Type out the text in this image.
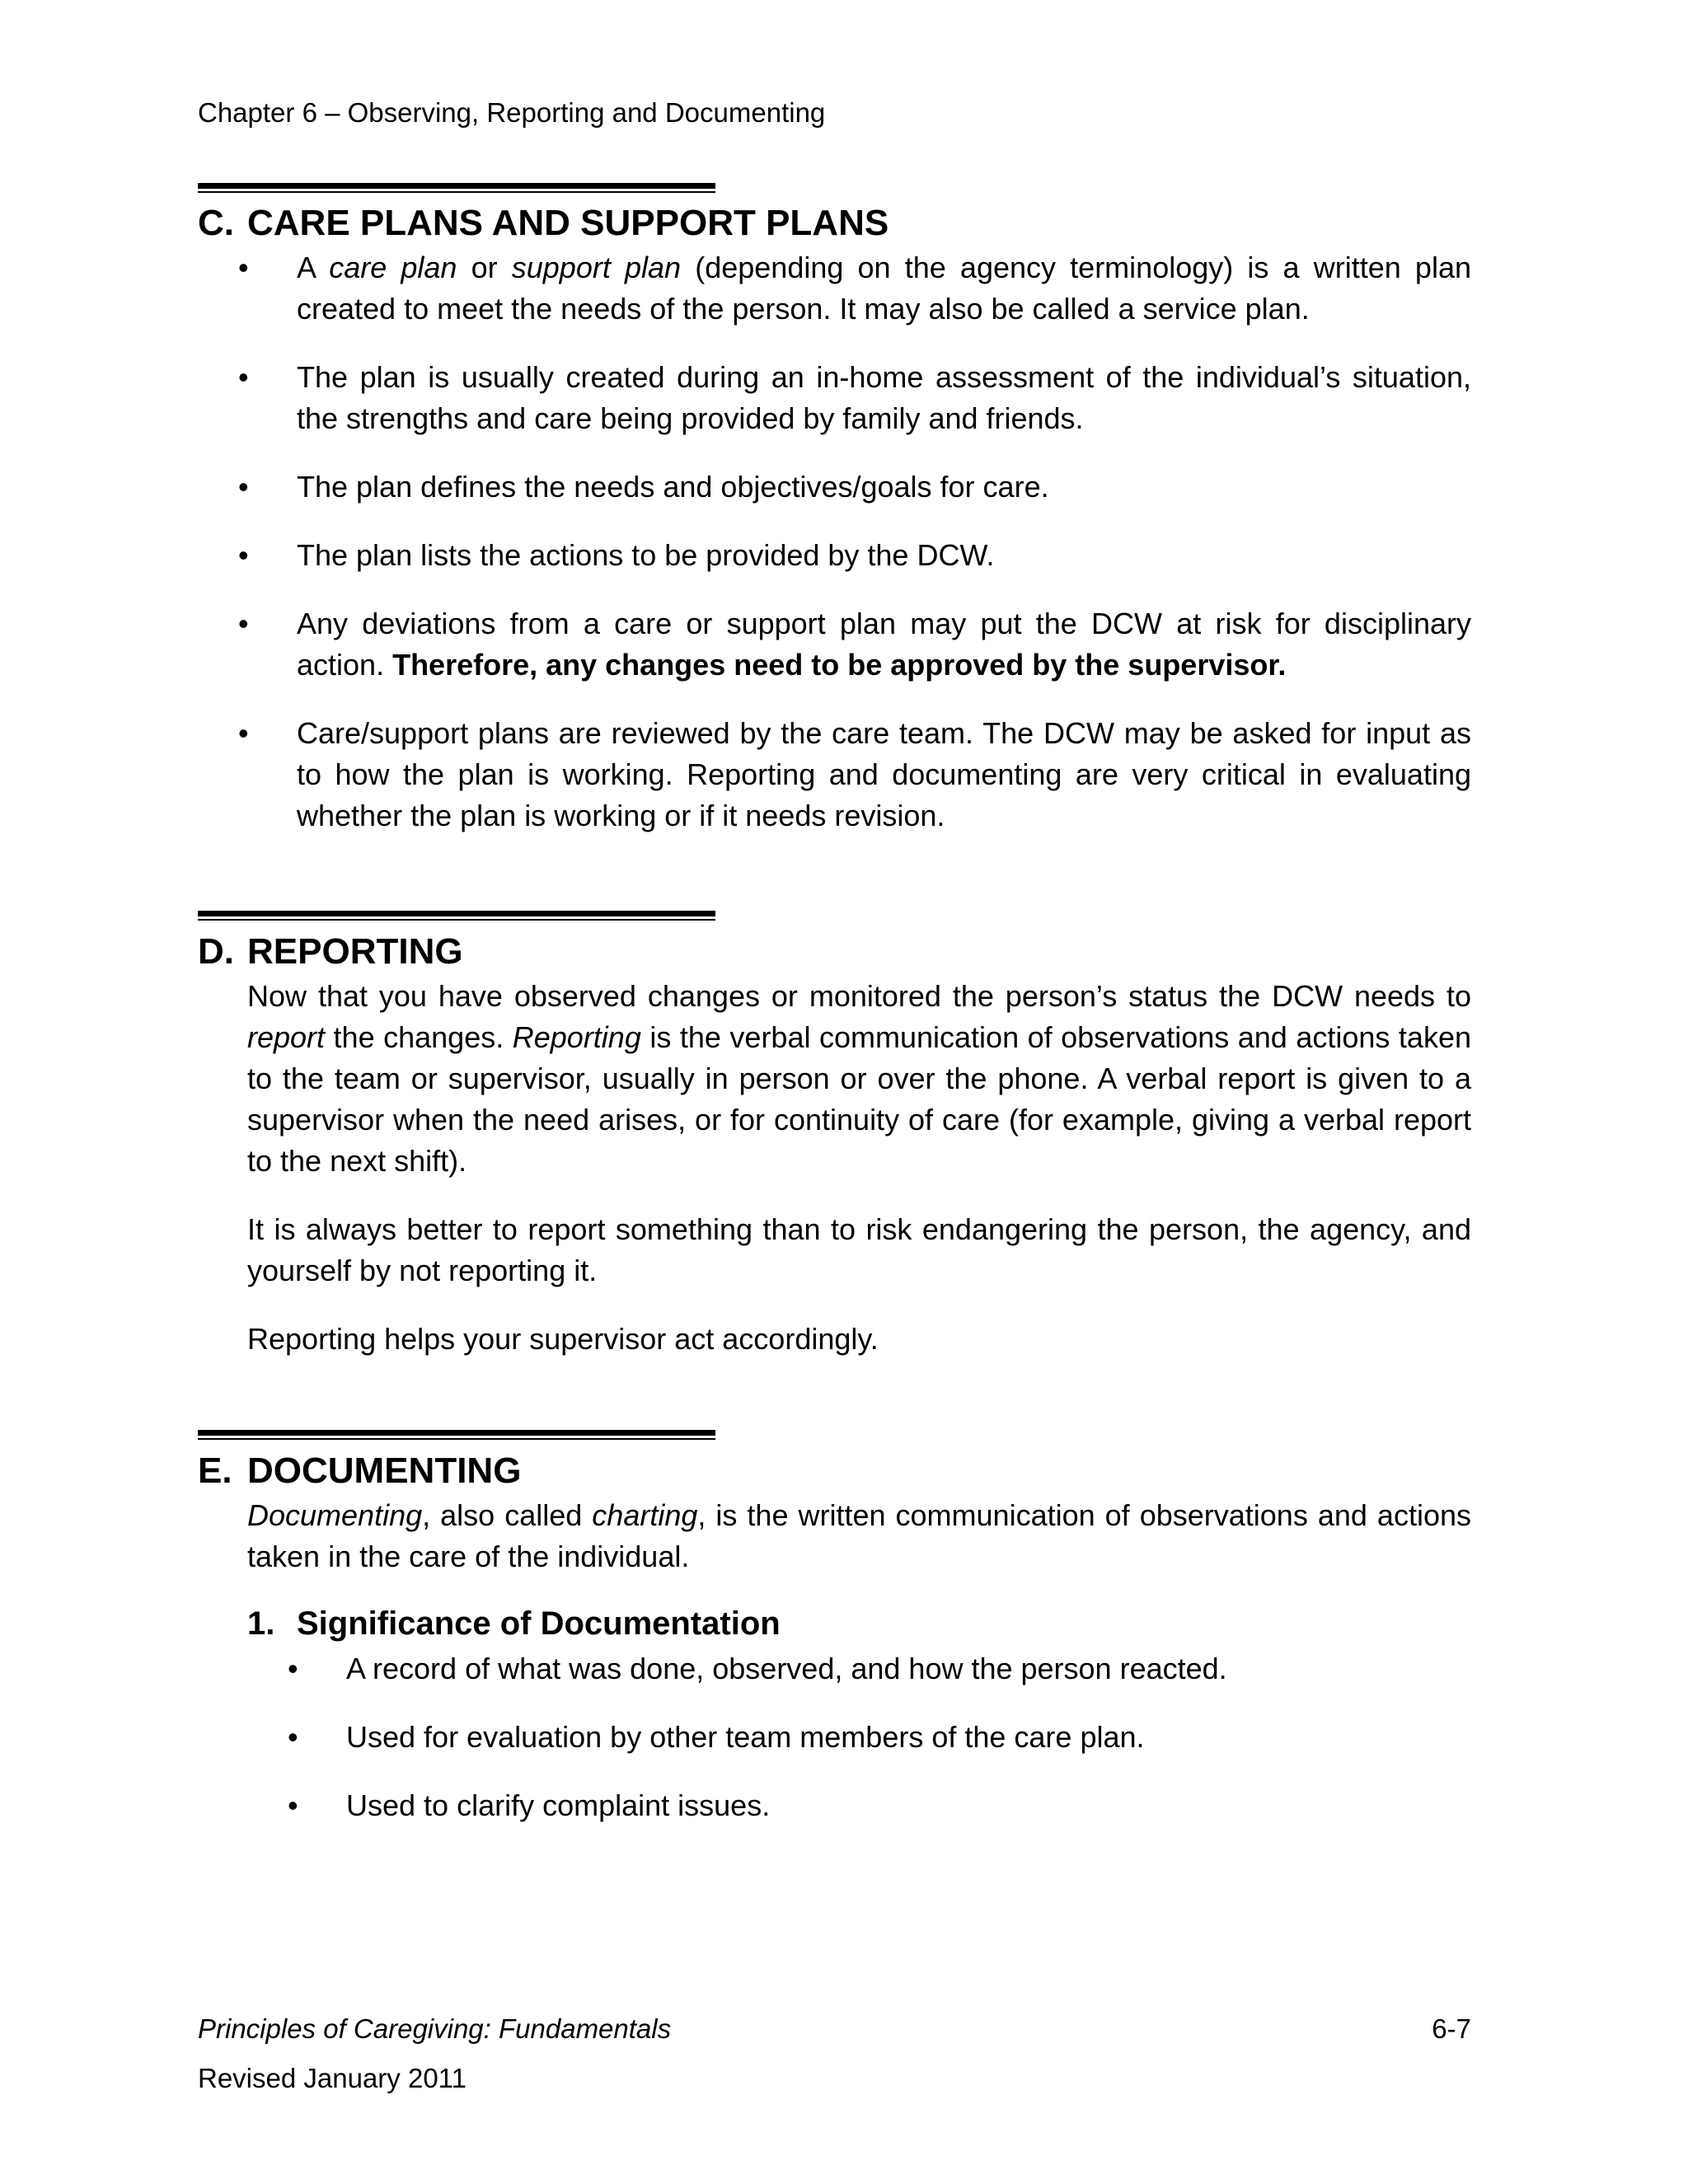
Chapter 6 – Observing, Reporting and Documenting
C. CARE PLANS AND SUPPORT PLANS
• A care plan or support plan (depending on the agency terminology) is a written plan created to meet the needs of the person. It may also be called a service plan.
• The plan is usually created during an in-home assessment of the individual’s situation, the strengths and care being provided by family and friends.
• The plan defines the needs and objectives/goals for care.
• The plan lists the actions to be provided by the DCW.
• Any deviations from a care or support plan may put the DCW at risk for disciplinary action. Therefore, any changes need to be approved by the supervisor.
• Care/support plans are reviewed by the care team. The DCW may be asked for input as to how the plan is working. Reporting and documenting are very critical in evaluating whether the plan is working or if it needs revision.
D. REPORTING

Now that you have observed changes or monitored the person’s status the DCW needs to report the changes. Reporting is the verbal communication of observations and actions taken to the team or supervisor, usually in person or over the phone. A verbal report is given to a supervisor when the need arises, or for continuity of care (for example, giving a verbal report to the next shift).

It is always better to report something than to risk endangering the person, the agency, and yourself by not reporting it.

Reporting helps your supervisor act accordingly.

E. DOCUMENTING

Documenting, also called charting, is the written communication of observations and actions taken in the care of the individual.

1. Significance of Documentation
• A record of what was done, observed, and how the person reacted.
• Used for evaluation by other team members of the care plan.
• Used to clarify complaint issues.
Principles of Caregiving: Fundamentals
Revised January 2011
6-7
